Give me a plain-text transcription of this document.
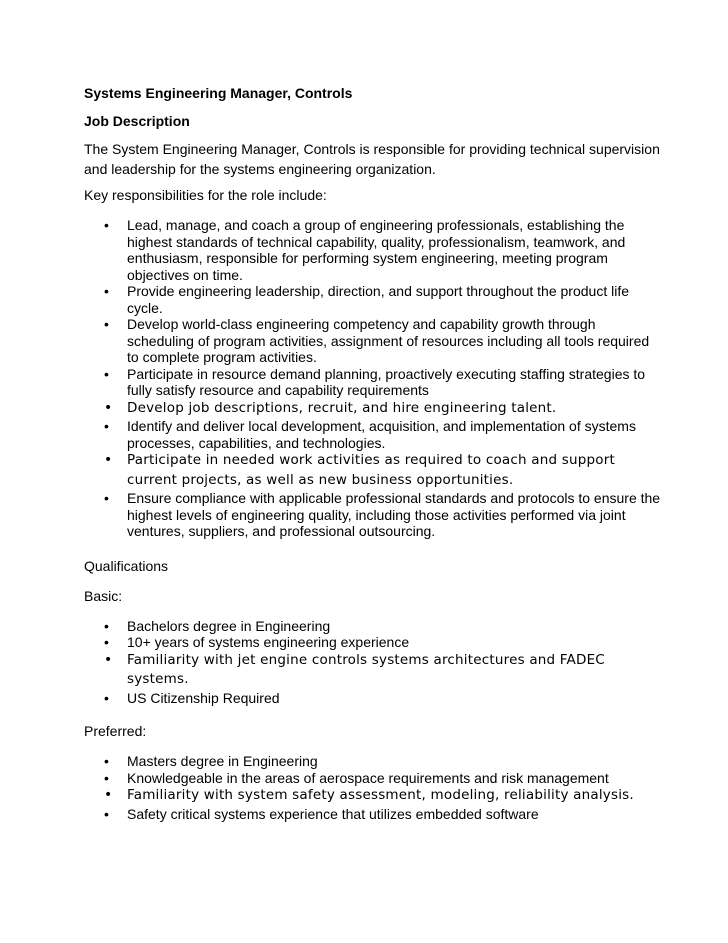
Systems Engineering Manager, Controls
Job Description
The System Engineering Manager, Controls is responsible for providing technical supervision and leadership for the systems engineering organization.
Key responsibilities for the role include:
• Lead, manage, and coach a group of engineering professionals, establishing the highest standards of technical capability, quality, professionalism, teamwork, and enthusiasm, responsible for performing system engineering, meeting program objectives on time.
• Provide engineering leadership, direction, and support throughout the product life cycle.
• Develop world-class engineering competency and capability growth through scheduling of program activities, assignment of resources including all tools required to complete program activities.
• Participate in resource demand planning, proactively executing staffing strategies to fully satisfy resource and capability requirements
• Develop job descriptions, recruit, and hire engineering talent.
• Identify and deliver local development, acquisition, and implementation of systems processes, capabilities, and technologies.
• Participate in needed work activities as required to coach and support current projects, as well as new business opportunities.
• Ensure compliance with applicable professional standards and protocols to ensure the highest levels of engineering quality, including those activities performed via joint ventures, suppliers, and professional outsourcing.
Qualifications
Basic:
• Bachelors degree in Engineering
• 10+ years of systems engineering experience
• Familiarity with jet engine controls systems architectures and FADEC systems.
• US Citizenship Required
Preferred:
• Masters degree in Engineering
• Knowledgeable in the areas of aerospace requirements and risk management
• Familiarity with system safety assessment, modeling, reliability analysis.
• Safety critical systems experience that utilizes embedded software
